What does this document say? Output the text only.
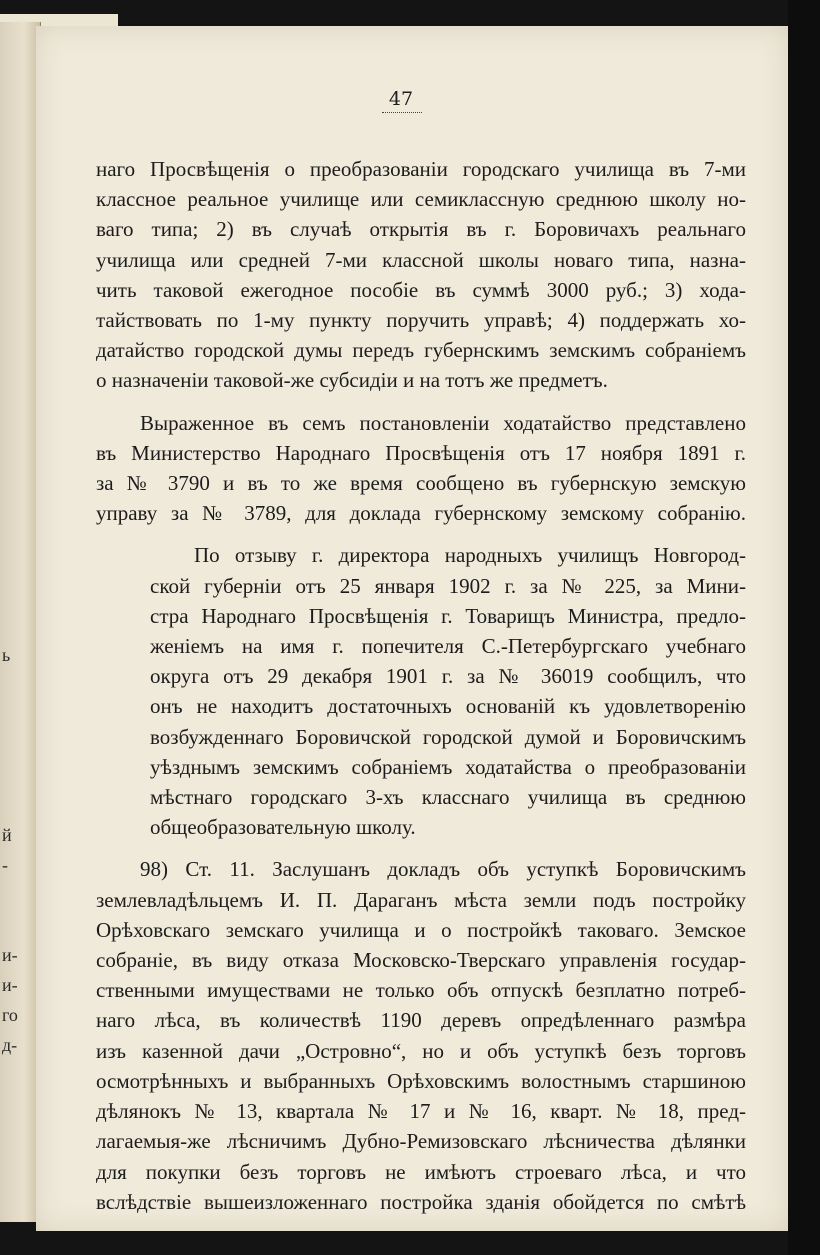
47
наго Просвѣщенія о преобразованіи городскаго училища въ 7-ми
классное реальное училище или семиклассную среднюю школу но-
ваго типа; 2) въ случаѣ открытія въ г. Боровичахъ реальнаго
училища или средней 7-ми классной школы новаго типа, назна-
чить таковой ежегодное пособіе въ суммѣ 3000 руб.; 3) хода-
тайствовать по 1-му пункту поручить управѣ; 4) поддержать хо-
датайство городской думы передъ губернскимъ земскимъ собраніемъ
о назначеніи таковой-же субсидіи и на тотъ же предметъ.
Выраженное въ семъ постановленіи ходатайство представлено
въ Министерство Народнаго Просвѣщенія отъ 17 ноября 1891 г.
за № 3790 и въ то же время сообщено въ губернскую земскую
управу за № 3789, для доклада губернскому земскому собранію.
По отзыву г. директора народныхъ училищъ Новгород-
ской губерніи отъ 25 января 1902 г. за № 225, за Мини-
стра Народнаго Просвѣщенія г. Товарищъ Министра, предло-
женіемъ на имя г. попечителя С.-Петербургскаго учебнаго
округа отъ 29 декабря 1901 г. за № 36019 сообщилъ, что
онъ не находитъ достаточныхъ основаній къ удовлетворенію
возбужденнаго Боровичской городской думой и Боровичскимъ
уѣзднымъ земскимъ собраніемъ ходатайства о преобразованіи
мѣстнаго городскаго 3-хъ класснаго училища въ среднюю
общеобразовательную школу.
98) Ст. 11. Заслушанъ докладъ объ уступкѣ Боровичскимъ
землевладѣльцемъ И. П. Дараганъ мѣста земли подъ постройку
Орѣховскаго земскаго училища и о постройкѣ таковаго. Земское
собраніе, въ виду отказа Московско-Тверскаго управленія государ-
ственными имуществами не только объ отпускѣ безплатно потреб-
наго лѣса, въ количествѣ 1190 деревъ опредѣленнаго размѣра
изъ казенной дачи „Островно“, но и объ уступкѣ безъ торговъ
осмотрѣнныхъ и выбранныхъ Орѣховскимъ волостнымъ старшиною
дѣлянокъ № 13, квартала № 17 и № 16, кварт. № 18, пред-
лагаемыя-же лѣсничимъ Дубно-Ремизовскаго лѣсничества дѣлянки
для покупки безъ торговъ не имѣютъ строеваго лѣса, и что
вслѣдствіе вышеизложеннаго постройка зданія обойдется по смѣтѣ
ь
й
-
и-
и-
го
д-
